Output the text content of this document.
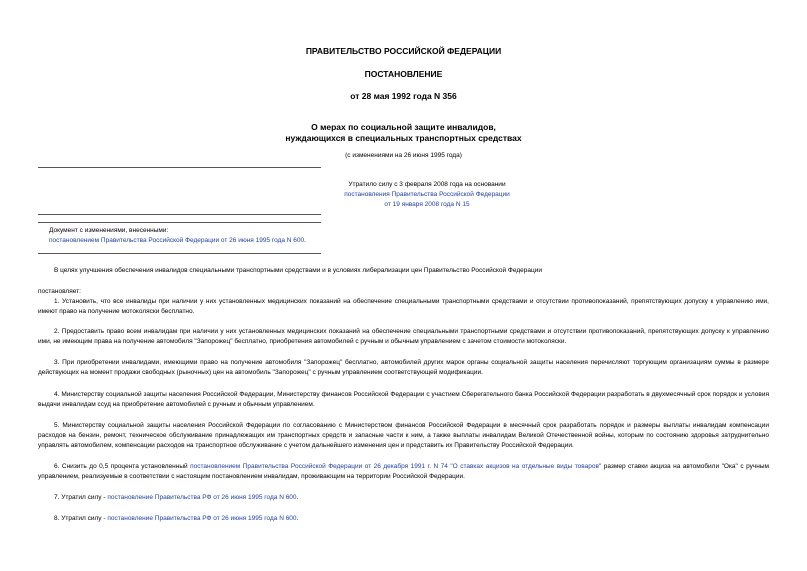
ПРАВИТЕЛЬСТВО РОССИЙСКОЙ ФЕДЕРАЦИИ
ПОСТАНОВЛЕНИЕ
от 28 мая 1992 года N 356
О мерах по социальной защите инвалидов,
нуждающихся в специальных транспортных средствах
(с изменениями на 26 июня 1995 года)
Утратило силу с 3 февраля 2008 года на основании
постановления Правительства Российской Федерации
от 19 января 2008 года N 15
Документ с изменениями, внесенными:
постановлением Правительства Российской Федерации от 26 июня 1995 года N 600.
В целях улучшения обеспечения инвалидов специальными транспортными средствами и в условиях либерализации цен Правительство Российской Федерации
постановляет:
1. Установить, что все инвалиды при наличии у них установленных медицинских показаний на обеспечение специальными транспортными средствами и отсутствии противопоказаний, препятствующих допуску к управлению ими, имеют право на получение мотоколяски бесплатно.
2. Предоставить право всем инвалидам при наличии у них установленных медицинских показаний на обеспечение специальными транспортными средствами и отсутствии противопоказаний, препятствующих допуску к управлению ими, не имеющим права на получение автомобиля "Запорожец" бесплатно, приобретения автомобилей с ручным и обычным управлением с зачетом стоимости мотоколяски.
3. При приобретении инвалидами, имеющими право на получение автомобиля "Запорожец" бесплатно, автомобилей других марок органы социальной защиты населения перечисляют торгующим организациям суммы в размере действующих на момент продажи свободных (рыночных) цен на автомобиль "Запорожец" с ручным управлением соответствующей модификации.
4. Министерству социальной защиты населения Российской Федерации, Министерству финансов Российской Федерации с участием Сберегательного банка Российской Федерации разработать в двухмесячный срок порядок и условия выдачи инвалидам ссуд на приобретение автомобилей с ручным и обычным управлением.
5. Министерству социальной защиты населения Российской Федерации по согласованию с Министерством финансов Российской Федерации в месячный срок разработать порядок и размеры выплаты инвалидам компенсации расходов на бензин, ремонт, техническое обслуживание принадлежащих им транспортных средств и запасные части к ним, а также выплаты инвалидам Великой Отечественной войны, которым по состоянию здоровья затруднительно управлять автомобилем, компенсации расходов на транспортное обслуживание с учетом дальнейшего изменения цен и представить их Правительству Российской Федерации.
6. Снизить до 0,5 процента установленный постановлением Правительства Российской Федерации от 26 декабря 1991 г. N 74 "О ставках акцизов на отдельные виды товаров" размер ставки акциза на автомобили "Ока" с ручным управлением, реализуемые в соответствии с настоящим постановлением инвалидам, проживающим на территории Российской Федерации.
7. Утратил силу - постановление Правительства РФ от 26 июня 1995 года N 600.
8. Утратил силу - постановление Правительства РФ от 26 июня 1995 года N 600.
